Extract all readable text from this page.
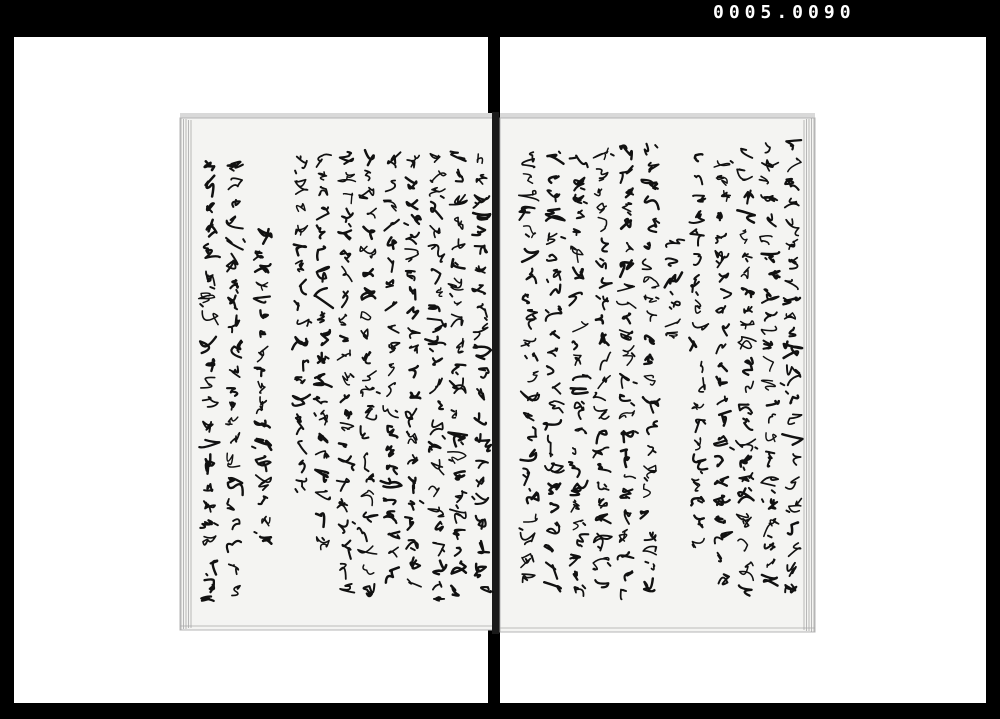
0005.0090
